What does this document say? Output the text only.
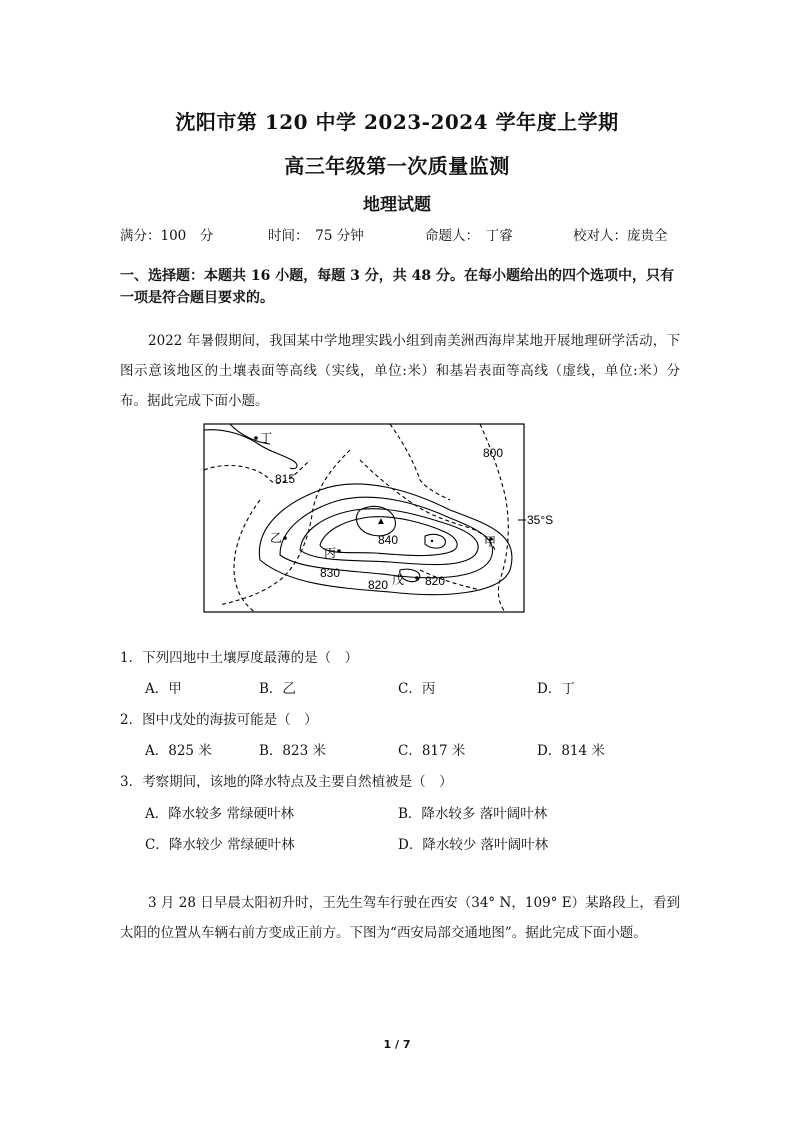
沈阳市第 120 中学 2023-2024 学年度上学期
高三年级第一次质量监测
地理试题
满分：100　分	时间：　75 分钟	命题人：　丁睿	校对人：庞贵全
一、选择题：本题共 16 小题，每题 3 分，共 48 分。在每小题给出的四个选项中，只有一项是符合题目要求的。
2022 年暑假期间，我国某中学地理实践小组到南美洲西海岸某地开展地理研学活动，下图示意该地区的土壤表面等高线（实线，单位:米）和基岩表面等高线（虚线，单位:米）分布。据此完成下面小题。
丁
乙
丙
甲
戊
815
800
840
830
820	820
35°S
▲
1．下列四地中土壤厚度最薄的是（　）
A．甲	B．乙	C．丙	D．丁
2．图中戊处的海拔可能是（　）
A．825 米	B．823 米	C．817 米	D．814 米
3．考察期间，该地的降水特点及主要自然植被是（　）
A．降水较多 常绿硬叶林	B．降水较多 落叶阔叶林
C．降水较少 常绿硬叶林	D．降水较少 落叶阔叶林
3 月 28 日早晨太阳初升时，王先生驾车行驶在西安（34° N，109° E）某路段上，看到太阳的位置从车辆右前方变成正前方。下图为“西安局部交通地图”。据此完成下面小题。
1 / 7
